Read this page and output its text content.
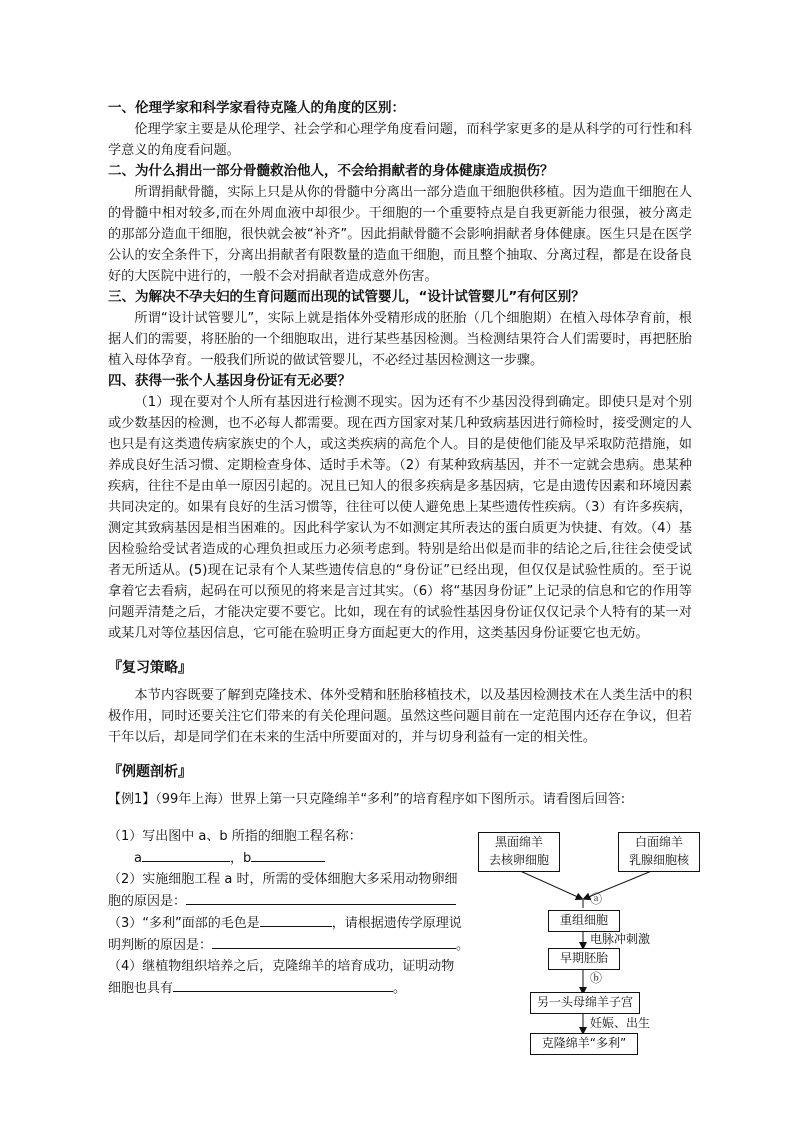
一、伦理学家和科学家看待克隆人的角度的区别：

伦理学家主要是从伦理学、社会学和心理学角度看问题，而科学家更多的是从科学的可行性和科学意义的角度看问题。

二、为什么捐出一部分骨髓救治他人，不会给捐献者的身体健康造成损伤？

所谓捐献骨髓，实际上只是从你的骨髓中分离出一部分造血干细胞供移植。因为造血干细胞在人的骨髓中相对较多,而在外周血液中却很少。干细胞的一个重要特点是自我更新能力很强，被分离走的那部分造血干细胞，很快就会被“补齐”。因此捐献骨髓不会影响捐献者身体健康。医生只是在医学公认的安全条件下，分离出捐献者有限数量的造血干细胞，而且整个抽取、分离过程，都是在设备良好的大医院中进行的，一般不会对捐献者造成意外伤害。

三、为解决不孕夫妇的生育问题而出现的试管婴儿，“设计试管婴儿”有何区别？

所谓“设计试管婴儿”，实际上就是指体外受精形成的胚胎（几个细胞期）在植入母体孕育前，根据人们的需要，将胚胎的一个细胞取出，进行某些基因检测。当检测结果符合人们需要时，再把胚胎植入母体孕育。一般我们所说的做试管婴儿，不必经过基因检测这一步骤。

四、获得一张个人基因身份证有无必要？

（1）现在要对个人所有基因进行检测不现实。因为还有不少基因没得到确定。即使只是对个别或少数基因的检测，也不必每人都需要。现在西方国家对某几种致病基因进行筛检时，接受测定的人也只是有这类遗传病家族史的个人，或这类疾病的高危个人。目的是使他们能及早采取防范措施，如养成良好生活习惯、定期检查身体、适时手术等。（2）有某种致病基因，并不一定就会患病。患某种疾病，往往不是由单一原因引起的。况且已知人的很多疾病是多基因病，它是由遗传因素和环境因素共同决定的。如果有良好的生活习惯等，往往可以使人避免患上某些遗传性疾病。（3）有许多疾病，测定其致病基因是相当困难的。因此科学家认为不如测定其所表达的蛋白质更为快捷、有效。（4）基因检验给受试者造成的心理负担或压力必须考虑到。特别是给出似是而非的结论之后,往往会使受试者无所适从。(5)现在记录有个人某些遗传信息的“身份证”已经出现，但仅仅是试验性质的。至于说拿着它去看病，起码在可以预见的将来是言过其实。（6）将“基因身份证”上记录的信息和它的作用等问题弄清楚之后，才能决定要不要它。比如，现在有的试验性基因身份证仅仅记录个人特有的某一对或某几对等位基因信息，它可能在验明正身方面起更大的作用，这类基因身份证要它也无妨。

『复习策略』

本节内容既要了解到克隆技术、体外受精和胚胎移植技术，以及基因检测技术在人类生活中的积极作用，同时还要关注它们带来的有关伦理问题。虽然这些问题目前在一定范围内还存在争议，但若干年以后，却是同学们在未来的生活中所要面对的，并与切身利益有一定的相关性。

『例题剖析』

【例1】（99年上海）世界上第一只克隆绵羊“多利”的培育程序如下图所示。请看图后回答:

（1）写出图中 a、b 所指的细胞工程名称：
a	，b
（2）实施细胞工程 a 时，所需的受体细胞大多采用动物卵细
胞的原因是：
（3）“多利”面部的毛色是	，请根据遗传学原理说
明判断的原因是：	。
（4）继植物组织培养之后，克隆绵羊的培育成功，证明动物
细胞也具有	。
黑面绵羊
去核卵细胞
白面绵羊
乳腺细胞核
ⓐ
重组细胞
电脉冲刺激
早期胚胎
ⓑ
另一头母绵羊子宫
妊娠、出生
克隆绵羊“多利”
